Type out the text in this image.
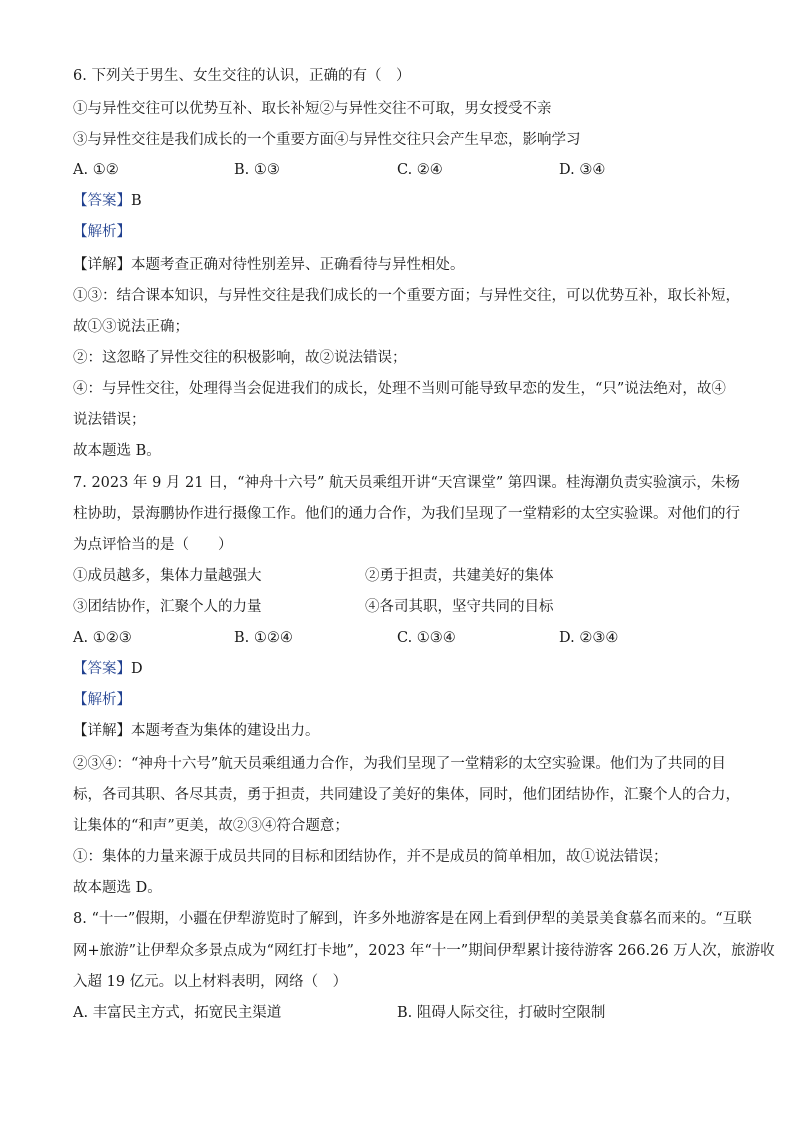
6. 下列关于男生、女生交往的认识，正确的有（　）
①与异性交往可以优势互补、取长补短②与异性交往不可取，男女授受不亲
③与异性交往是我们成长的一个重要方面④与异性交往只会产生早恋，影响学习
A. ①②	B. ①③	C. ②④	D. ③④
【答案】B
【解析】
【详解】本题考查正确对待性别差异、正确看待与异性相处。
①③：结合课本知识，与异性交往是我们成长的一个重要方面；与异性交往，可以优势互补，取长补短，
故①③说法正确；
②：这忽略了异性交往的积极影响，故②说法错误；
④：与异性交往，处理得当会促进我们的成长，处理不当则可能导致早恋的发生，“只”说法绝对，故④
说法错误；
故本题选 B。
7. 2023 年 9 月 21 日，“神舟十六号” 航天员乘组开讲“天宫课堂” 第四课。桂海潮负责实验演示，朱杨
柱协助，景海鹏协作进行摄像工作。他们的通力合作，为我们呈现了一堂精彩的太空实验课。对他们的行
为点评恰当的是（　　）
①成员越多，集体力量越强大	②勇于担责，共建美好的集体
③团结协作，汇聚个人的力量	④各司其职，坚守共同的目标
A. ①②③	B. ①②④	C. ①③④	D. ②③④
【答案】D
【解析】
【详解】本题考查为集体的建设出力。
②③④：“神舟十六号”航天员乘组通力合作，为我们呈现了一堂精彩的太空实验课。他们为了共同的目
标，各司其职、各尽其责，勇于担责，共同建设了美好的集体，同时，他们团结协作，汇聚个人的合力，
让集体的“和声”更美，故②③④符合题意；
①：集体的力量来源于成员共同的目标和团结协作，并不是成员的简单相加，故①说法错误；
故本题选 D。
8. “十一”假期，小疆在伊犁游览时了解到，许多外地游客是在网上看到伊犁的美景美食慕名而来的。“互联
网+旅游”让伊犁众多景点成为“网红打卡地”，2023 年“十一”期间伊犁累计接待游客 266.26 万人次，旅游收
入超 19 亿元。以上材料表明，网络（　）
A. 丰富民主方式，拓宽民主渠道	B. 阻碍人际交往，打破时空限制
